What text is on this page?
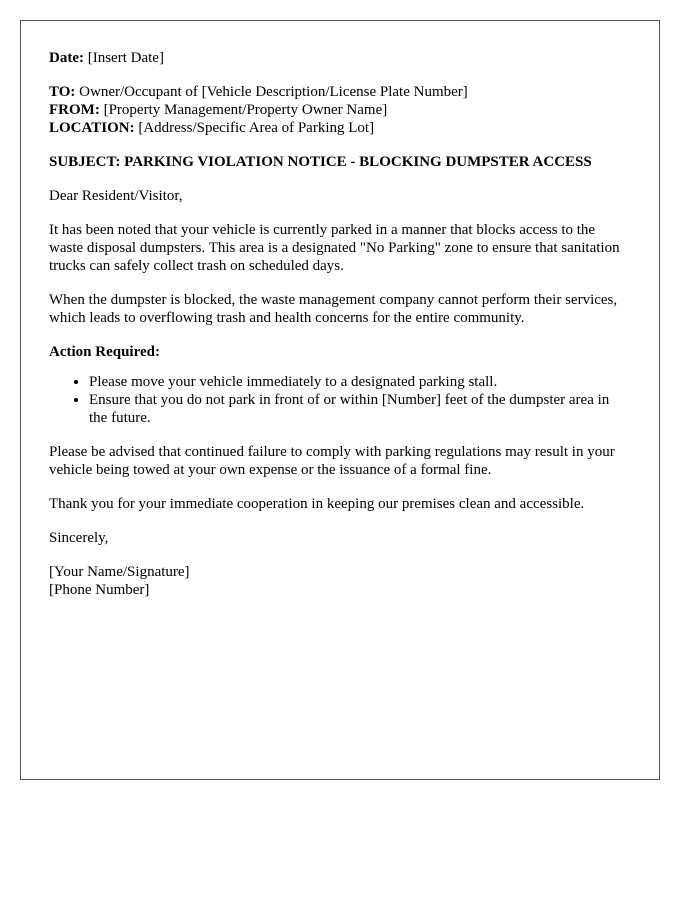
Date: [Insert Date]

TO: Owner/Occupant of [Vehicle Description/License Plate Number]
FROM: [Property Management/Property Owner Name]
LOCATION: [Address/Specific Area of Parking Lot]

SUBJECT: PARKING VIOLATION NOTICE - BLOCKING DUMPSTER ACCESS

Dear Resident/Visitor,

It has been noted that your vehicle is currently parked in a manner that blocks access to the waste disposal dumpsters. This area is a designated "No Parking" zone to ensure that sanitation trucks can safely collect trash on scheduled days.

When the dumpster is blocked, the waste management company cannot perform their services, which leads to overflowing trash and health concerns for the entire community.

Action Required:

• Please move your vehicle immediately to a designated parking stall.
• Ensure that you do not park in front of or within [Number] feet of the dumpster area in the future.

Please be advised that continued failure to comply with parking regulations may result in your vehicle being towed at your own expense or the issuance of a formal fine.

Thank you for your immediate cooperation in keeping our premises clean and accessible.

Sincerely,

[Your Name/Signature]
[Phone Number]
